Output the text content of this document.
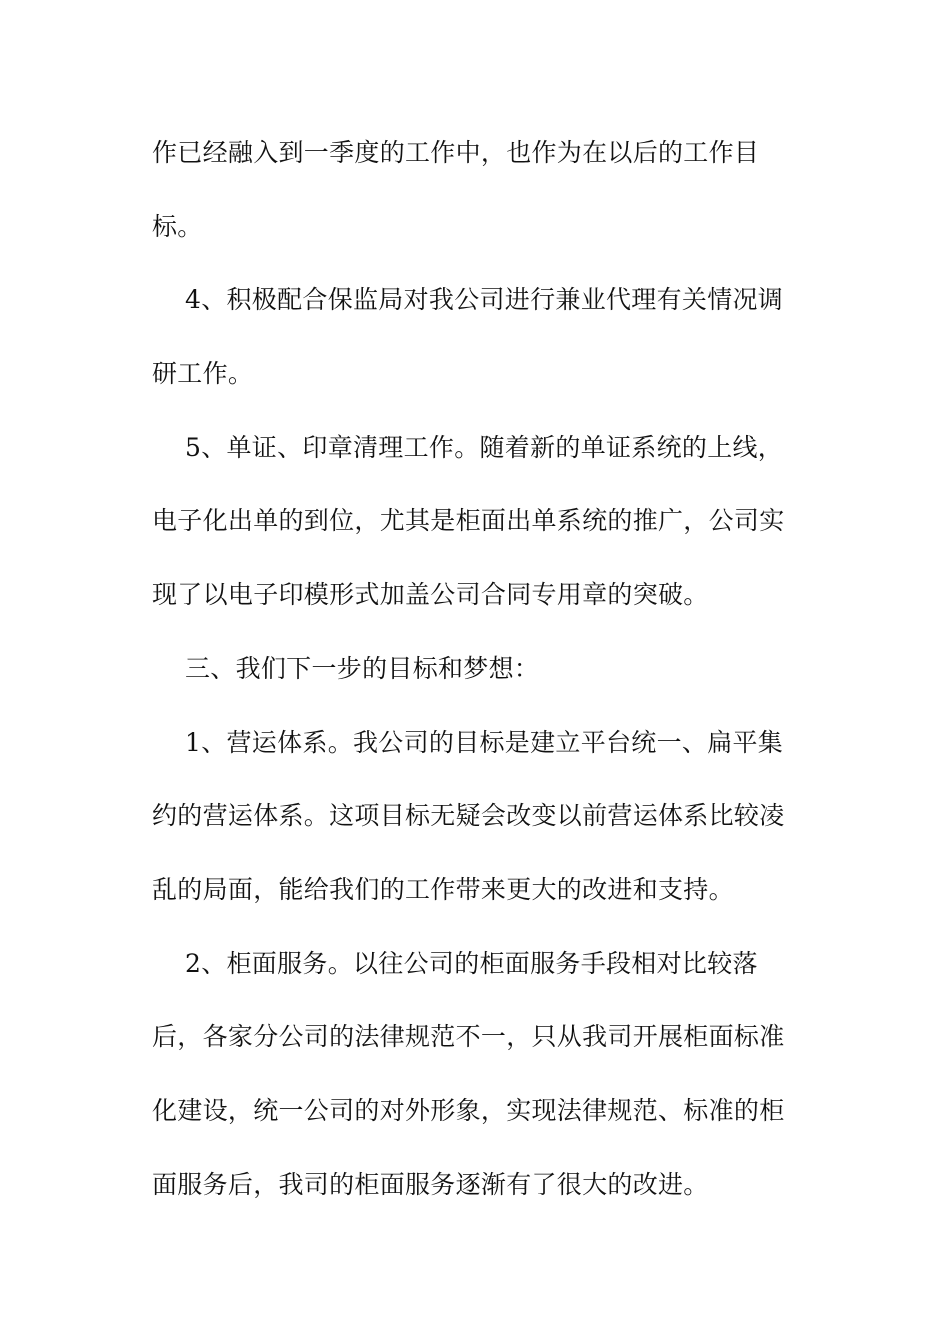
作已经融入到一季度的工作中，也作为在以后的工作目
标。
4、积极配合保监局对我公司进行兼业代理有关情况调
研工作。
5、单证、印章清理工作。随着新的单证系统的上线，
电子化出单的到位，尤其是柜面出单系统的推广，公司实
现了以电子印模形式加盖公司合同专用章的突破。
三、我们下一步的目标和梦想：
1、营运体系。我公司的目标是建立平台统一、扁平集
约的营运体系。这项目标无疑会改变以前营运体系比较凌
乱的局面，能给我们的工作带来更大的改进和支持。
2、柜面服务。以往公司的柜面服务手段相对比较落
后，各家分公司的法律规范不一，只从我司开展柜面标准
化建设，统一公司的对外形象，实现法律规范、标准的柜
面服务后，我司的柜面服务逐渐有了很大的改进。
